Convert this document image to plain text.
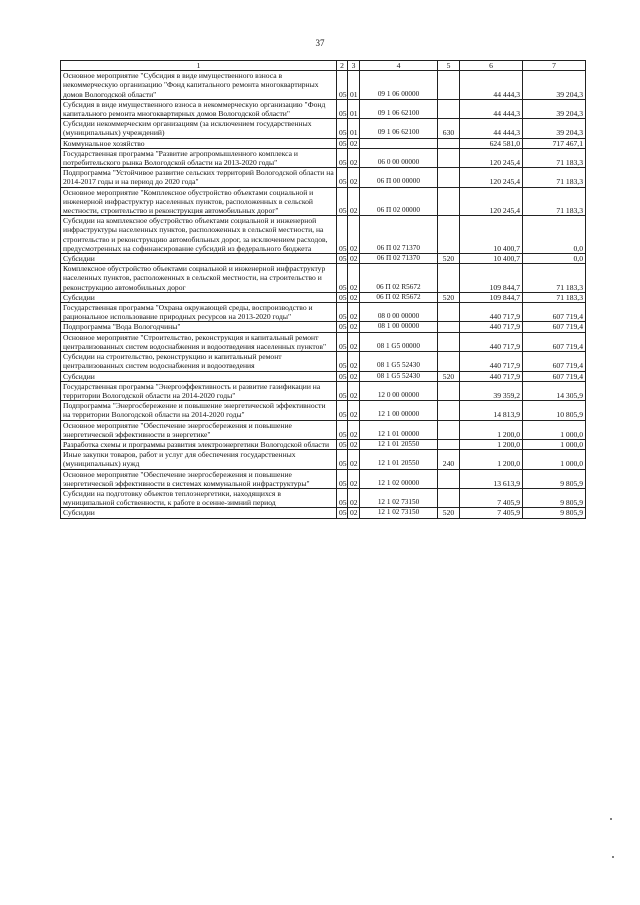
37
1	2	3	4	5	6	7
Основное мероприятие "Субсидия в виде имущественного взноса в некоммерческую организацию "Фонд капитального ремонта многоквартирных домов Вологодской области"	05	01	09 1 06 00000		44 444,3	39 204,3
Субсидия в виде имущественного взноса в некоммерческую организацию "Фонд капитального ремонта многоквартирных домов Вологодской области"	05	01	09 1 06 62100		44 444,3	39 204,3
Субсидии некоммерческим организациям (за исключением государственных (муниципальных) учреждений)	05	01	09 1 06 62100	630	44 444,3	39 204,3
Коммунальное хозяйство	05	02			624 581,0	717 467,1
Государственная программа "Развитие агропромышленного комплекса и потребительского рынка Вологодской области на 2013-2020 годы"	05	02	06 0 00 00000		120 245,4	71 183,3
Подпрограмма "Устойчивое развитие сельских территорий Вологодской области на 2014-2017 годы и на период до 2020 года"	05	02	06 П 00 00000		120 245,4	71 183,3
Основное мероприятие "Комплексное обустройство объектами социальной и инженерной инфраструктур населенных пунктов, расположенных в сельской местности, строительство и реконструкция автомобильных дорог"	05	02	06 П 02 00000		120 245,4	71 183,3
Субсидии на комплексное обустройство объектами социальной и инженерной инфраструктуры населенных пунктов, расположенных в сельской местности, на строительство и реконструкцию автомобильных дорог, за исключением расходов, предусмотренных на софинансирование субсидий из федерального бюджета	05	02	06 П 02 71370		10 400,7	0,0
Субсидии	05	02	06 П 02 71370	520	10 400,7	0,0
Комплексное обустройство объектами социальной и инженерной инфраструктур населенных пунктов, расположенных в сельской местности, на строительство и реконструкцию автомобильных дорог	05	02	06 П 02 R5672		109 844,7	71 183,3
Субсидии	05	02	06 П 02 R5672	520	109 844,7	71 183,3
Государственная программа "Охрана окружающей среды, воспроизводство и рациональное использование природных ресурсов на 2013-2020 годы"	05	02	08 0 00 00000		440 717,9	607 719,4
Подпрограмма "Вода Вологодчины"	05	02	08 1 00 00000		440 717,9	607 719,4
Основное мероприятие "Строительство, реконструкция и капитальный ремонт централизованных систем водоснабжения и водоотведения населенных пунктов"	05	02	08 1 G5 00000		440 717,9	607 719,4
Субсидии на строительство, реконструкцию и капитальный ремонт централизованных систем водоснабжения и водоотведения	05	02	08 1 G5 52430		440 717,9	607 719,4
Субсидии	05	02	08 1 G5 52430	520	440 717,9	607 719,4
Государственная программа "Энергоэффективность и развитие газификации на территории Вологодской области на 2014-2020 годы"	05	02	12 0 00 00000		39 359,2	14 305,9
Подпрограмма "Энергосбережение и повышение энергетической эффективности на территории Вологодской области на 2014-2020 годы"	05	02	12 1 00 00000		14 813,9	10 805,9
Основное мероприятие "Обеспечение энергосбережения и повышение энергетической эффективности в энергетике"	05	02	12 1 01 00000		1 200,0	1 000,0
Разработка схемы и программы развития электроэнергетики Вологодской области	05	02	12 1 01 20550		1 200,0	1 000,0
Иные закупки товаров, работ и услуг для обеспечения государственных (муниципальных) нужд	05	02	12 1 01 20550	240	1 200,0	1 000,0
Основное мероприятие "Обеспечение энергосбережения и повышение энергетической эффективности в системах коммунальной инфраструктуры"	05	02	12 1 02 00000		13 613,9	9 805,9
Субсидии на подготовку объектов теплоэнергетики, находящихся в муниципальной собственности, к работе в осенне-зимний период	05	02	12 1 02 73150		7 405,9	9 805,9
Субсидии	05	02	12 1 02 73150	520	7 405,9	9 805,9
